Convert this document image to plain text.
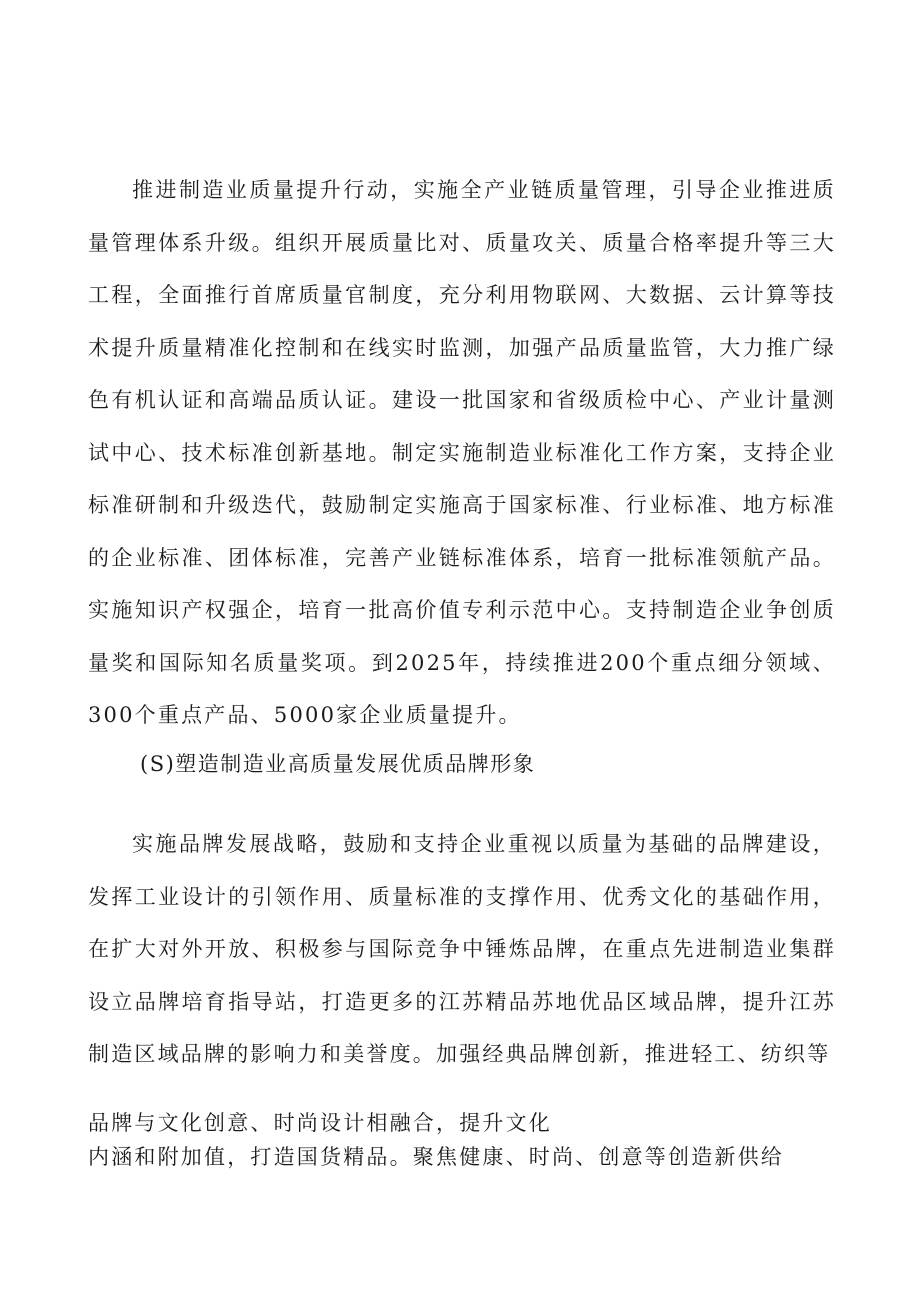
推进制造业质量提升行动，实施全产业链质量管理，引导企业推进质量管理体系升级。组织开展质量比对、质量攻关、质量合格率提升等三大工程，全面推行首席质量官制度，充分利用物联网、大数据、云计算等技术提升质量精准化控制和在线实时监测，加强产品质量监管，大力推广绿色有机认证和高端品质认证。建设一批国家和省级质检中心、产业计量测试中心、技术标准创新基地。制定实施制造业标准化工作方案，支持企业标准研制和升级迭代，鼓励制定实施高于国家标准、行业标准、地方标准的企业标准、团体标准，完善产业链标准体系，培育一批标准领航产品。实施知识产权强企，培育一批高价值专利示范中心。支持制造企业争创质量奖和国际知名质量奖项。到2025年，持续推进200个重点细分领域、300个重点产品、5000家企业质量提升。

(S)塑造制造业高质量发展优质品牌形象

实施品牌发展战略，鼓励和支持企业重视以质量为基础的品牌建设，发挥工业设计的引领作用、质量标准的支撑作用、优秀文化的基础作用，在扩大对外开放、积极参与国际竞争中锤炼品牌，在重点先进制造业集群设立品牌培育指导站，打造更多的江苏精品苏地优品区域品牌，提升江苏制造区域品牌的影响力和美誉度。加强经典品牌创新，推进轻工、纺织等

品牌与文化创意、时尚设计相融合，提升文化

内涵和附加值，打造国货精品。聚焦健康、时尚、创意等创造新供给
